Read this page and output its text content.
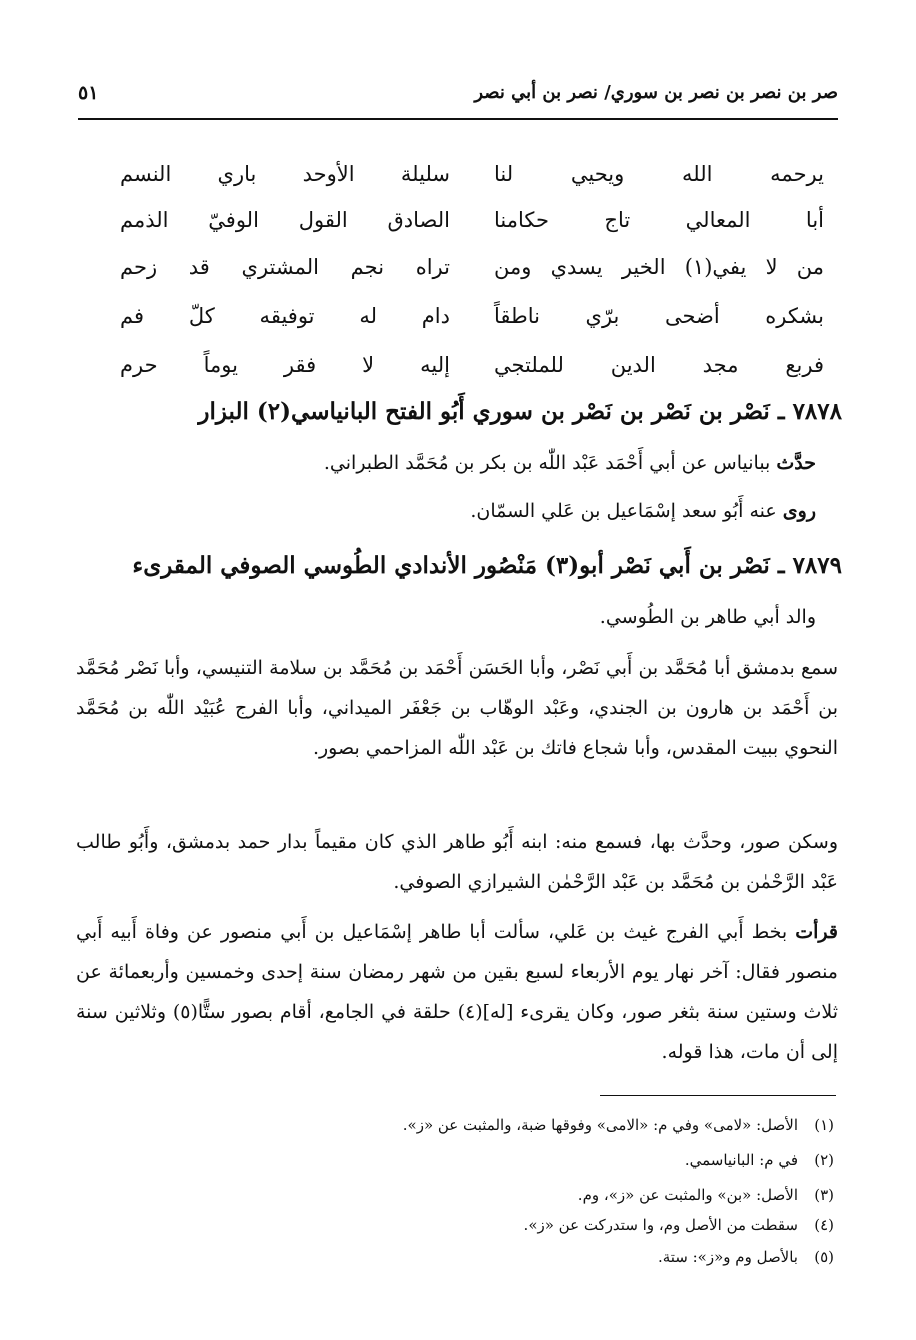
صر بن نصر بن نصر بن سوري/ نصر بن أبي نصر
٥١
يرحمه الله ويحيي لنا
سليلة الأوحد باري النسم
أبا المعالي تاج حكامنا
الصادق القول الوفيّ الذمم
من لا يفي(١) الخير يسدي ومن
تراه نجم المشتري قد زحم
بشكره أضحى برّي ناطقاً
دام له توفيقه كلّ فم
فربع مجد الدين للملتجي
إليه لا فقر يوماً حرم
٧٨٧٨ ـ نَصْر بن نَصْر بن نَصْر بن سوري أَبُو الفتح البانياسي(٢) البزار
حدَّث ببانياس عن أبي أَحْمَد عَبْد اللّٰه بن بكر بن مُحَمَّد الطبراني.
روى عنه أَبُو سعد إسْمَاعيل بن عَلي السمّان.
٧٨٧٩ ـ نَصْر بن أَبي نَصْر أبو(٣) مَنْصُور الأندادي الطُوسي الصوفي المقرىء
والد أبي طاهر بن الطُوسي.
سمع بدمشق أبا مُحَمَّد بن أَبي نَصْر، وأبا الحَسَن أَحْمَد بن مُحَمَّد بن سلامة التنيسي، وأبا نَصْر مُحَمَّد بن أَحْمَد بن هارون بن الجندي، وعَبْد الوهّاب بن جَعْفَر الميداني، وأبا الفرج عُبَيْد اللّٰه بن مُحَمَّد النحوي ببيت المقدس، وأبا شجاع فاتك بن عَبْد اللّٰه المزاحمي بصور.
وسكن صور، وحدَّث بها، فسمع منه: ابنه أَبُو طاهر الذي كان مقيماً بدار حمد بدمشق، وأَبُو طالب عَبْد الرَّحْمٰن بن مُحَمَّد بن عَبْد الرَّحْمٰن الشيرازي الصوفي.
قرأت بخط أَبي الفرج غيث بن عَلي، سألت أبا طاهر إسْمَاعيل بن أَبي منصور عن وفاة أَبيه أَبي منصور فقال: آخر نهار يوم الأربعاء لسبع بقين من شهر رمضان سنة إحدى وخمسين وأربعمائة عن ثلاث وستين سنة بثغر صور، وكان يقرىء [له](٤) حلقة في الجامع، أقام بصور ستًّا(٥) وثلاثين سنة إلى أن مات، هذا قوله.
(١)الأصل: «لامى» وفي م: «الامى» وفوقها ضبة، والمثبت عن «ز».
(٢)في م: البانياسمي.
(٣)الأصل: «بن» والمثبت عن «ز»، وم.
(٤)سقطت من الأصل وم، وا ستدركت عن «ز».
(٥)بالأصل وم و«ز»: ستة.
